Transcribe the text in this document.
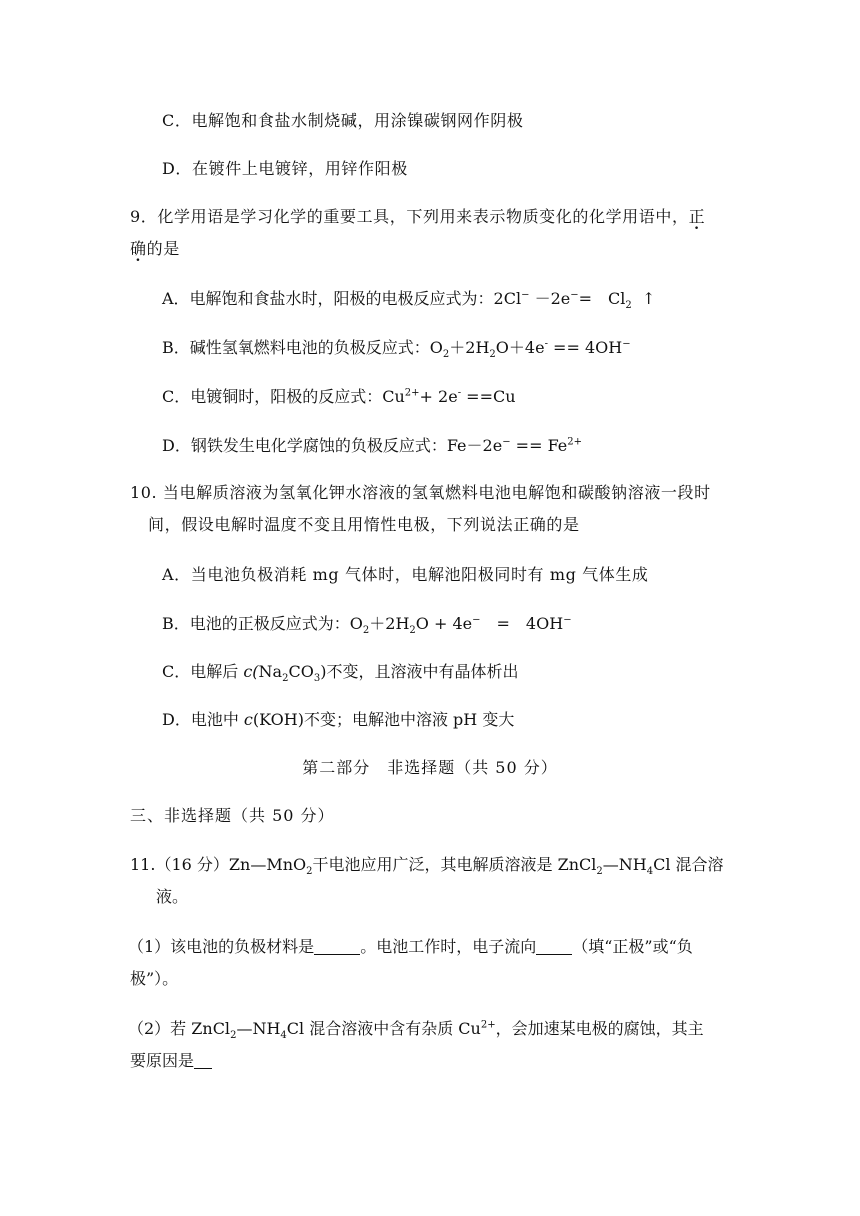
C．电解饱和食盐水制烧碱，用涂镍碳钢网作阴极
D．在镀件上电镀锌，用锌作阳极
9．化学用语是学习化学的重要工具，下列用来表示物质变化的化学用语中，正
确的是
A．电解饱和食盐水时，阳极的电极反应式为：2Cl− －2e−=　$Cl_2$ ↑
B．碱性氢氧燃料电池的负极反应式：$O_2+2H_2O+4e^- == 4OH^-$
C．电镀铜时，阳极的反应式：$Cu^{2+}+ 2e^- ==Cu$
D．钢铁发生电化学腐蚀的负极反应式：$Fe-2e^- == Fe^{2+}$
10. 当电解质溶液为氢氧化钾水溶液的氢氧燃料电池电解饱和碳酸钠溶液一段时
间，假设电解时温度不变且用惰性电极，下列说法正确的是
A．当电池负极消耗 mg 气体时，电解池阳极同时有 mg 气体生成
B．电池的正极反应式为：$O_2+2H_2O + 4e^-$　=　4OH−
C．电解后 $c(Na_2CO_3)$不变，且溶液中有晶体析出
D．电池中 c(KOH)不变；电解池中溶液 pH 变大
第二部分　非选择题（共 50 分）
三、非选择题（共 50 分）
11.（16 分）Zn—MnO$_2$干电池应用广泛，其电解质溶液是 $ZnCl_2—NH_4Cl$ 混合溶
液。
（1）该电池的负极材料是	。电池工作时，电子流向 （填“正极”或“负
极”）。
（2）若 $ZnCl_2—NH_4Cl$ 混合溶液中含有杂质 $Cu^{2+}$，会加速某电极的腐蚀，其主
要原因是
